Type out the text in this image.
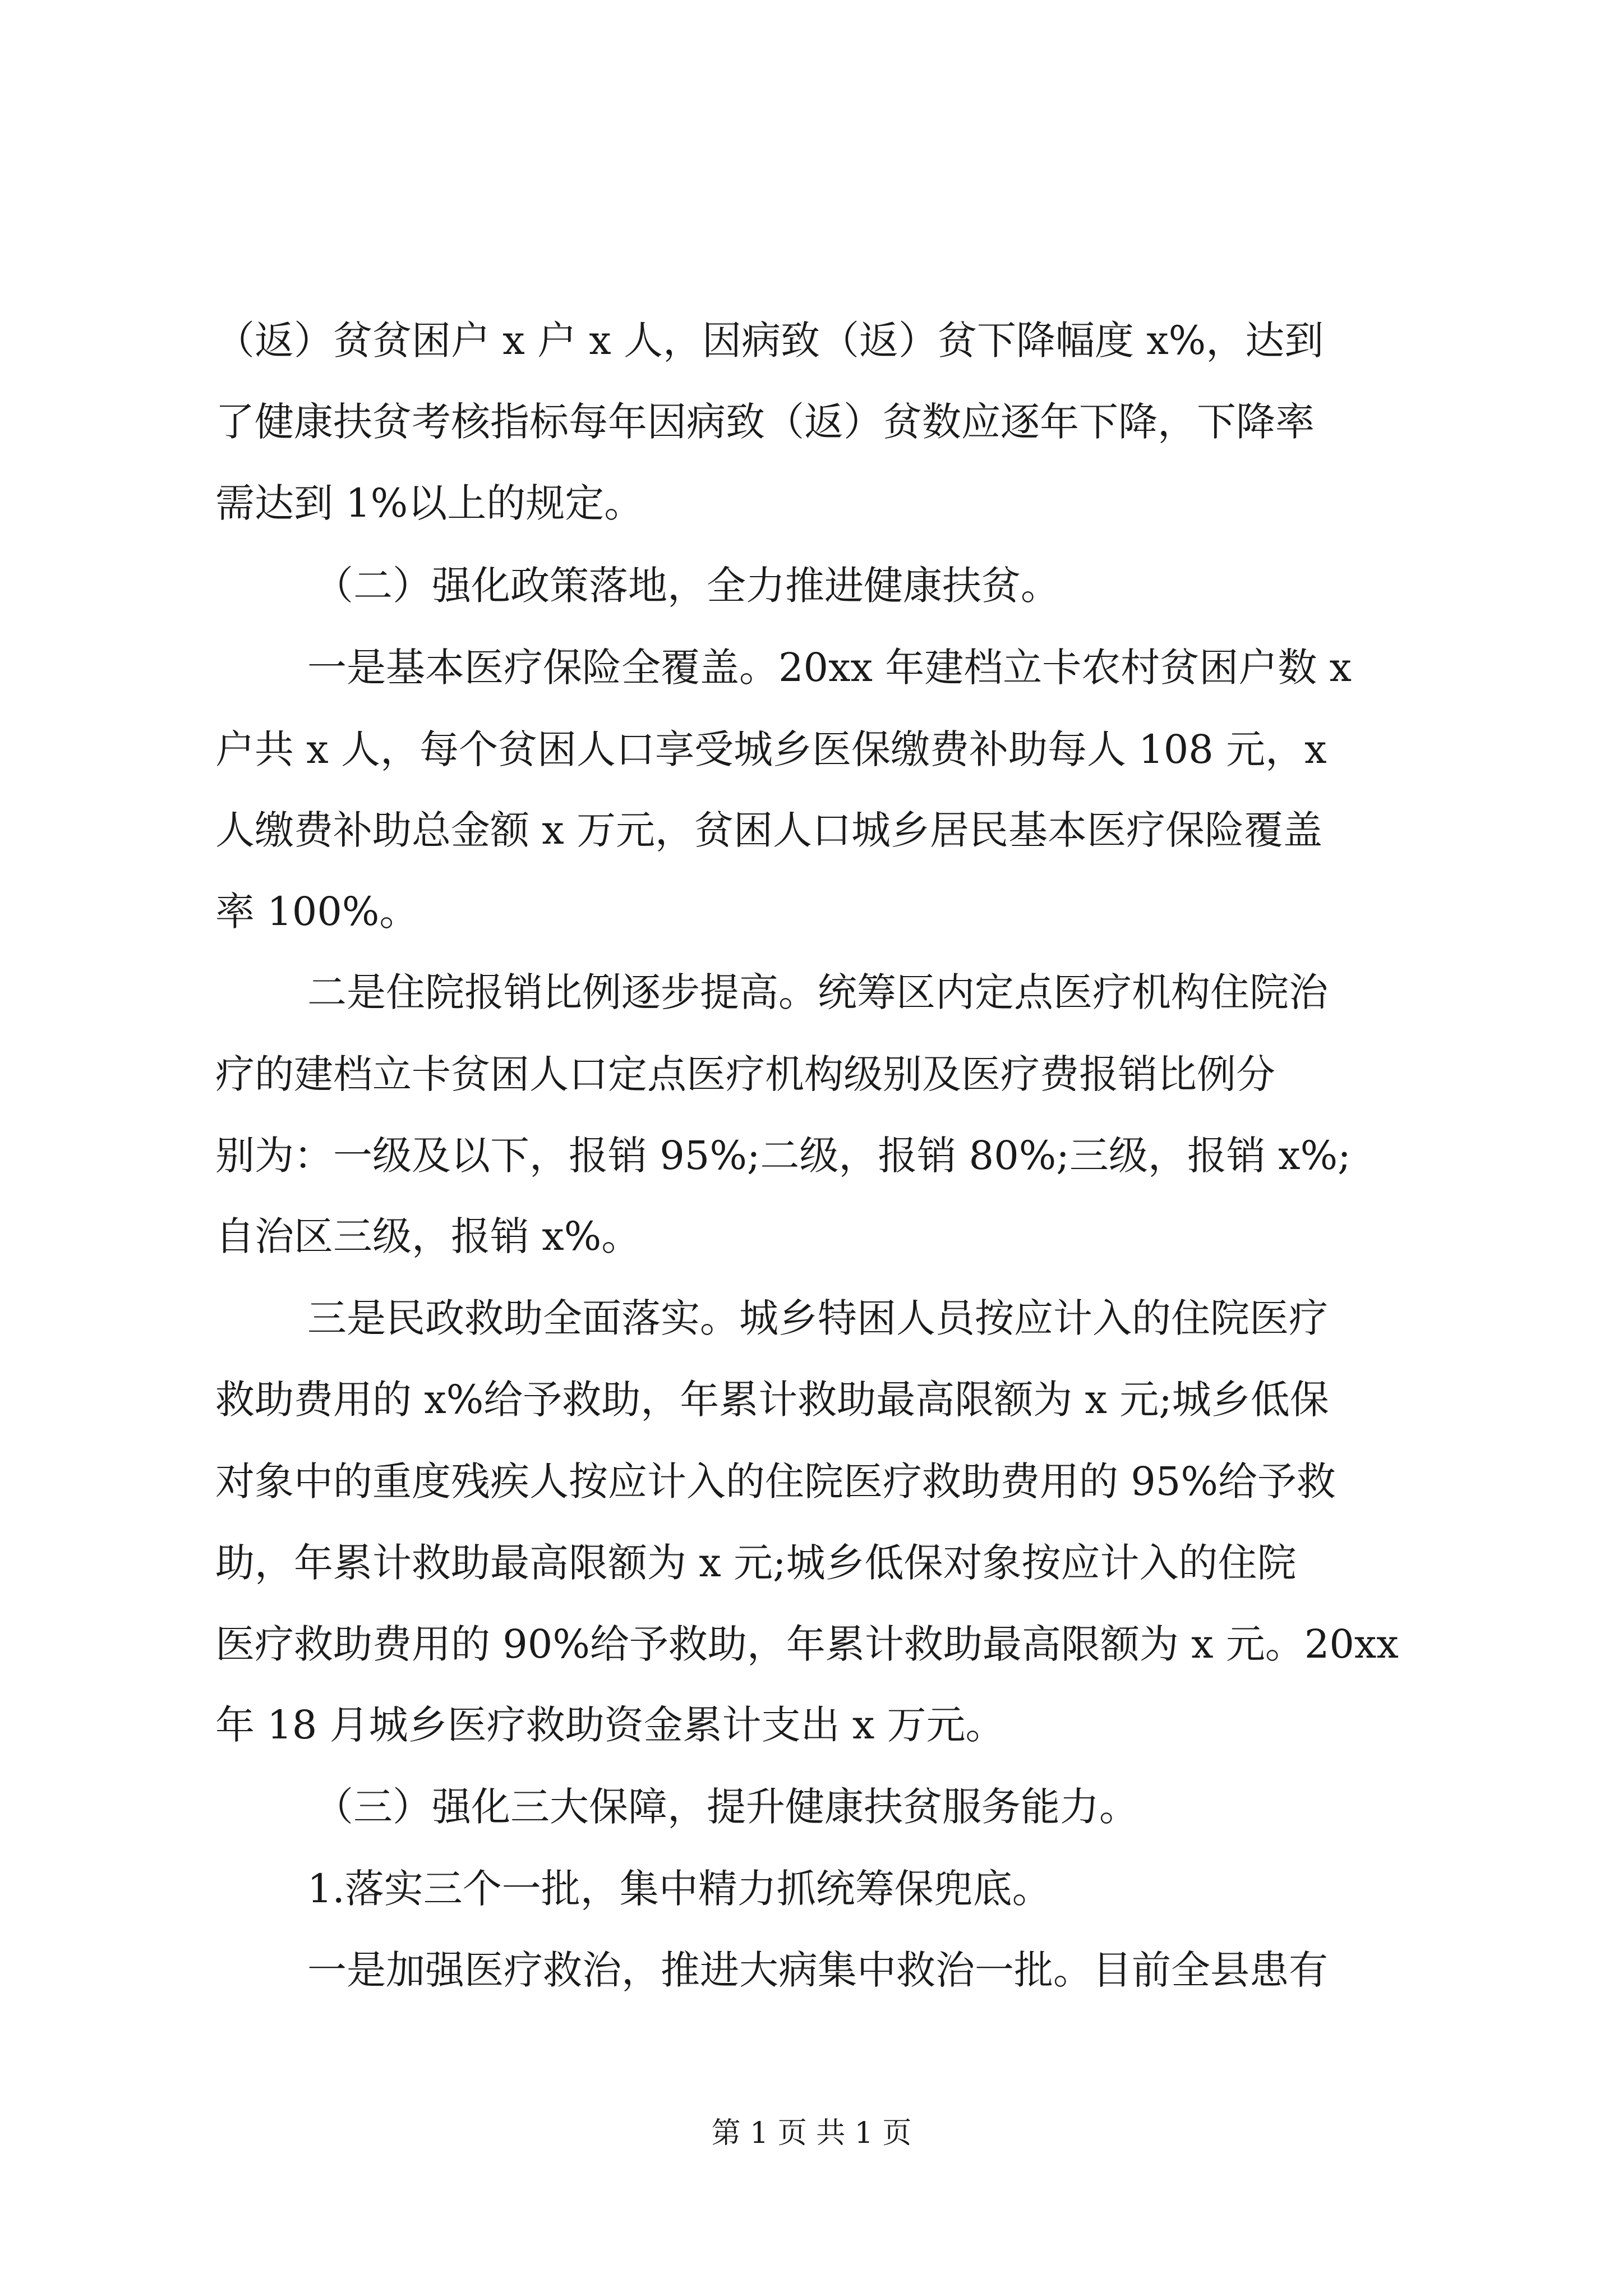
（返）贫贫困户 x 户 x 人，因病致（返）贫下降幅度 x%，达到
了健康扶贫考核指标每年因病致（返）贫数应逐年下降，下降率
需达到 1%以上的规定。
（二）强化政策落地，全力推进健康扶贫。
一是基本医疗保险全覆盖。20xx 年建档立卡农村贫困户数 x
户共 x 人，每个贫困人口享受城乡医保缴费补助每人 108 元，x
人缴费补助总金额 x 万元，贫困人口城乡居民基本医疗保险覆盖
率 100%。
二是住院报销比例逐步提高。统筹区内定点医疗机构住院治
疗的建档立卡贫困人口定点医疗机构级别及医疗费报销比例分
别为：一级及以下，报销 95%;二级，报销 80%;三级，报销 x%;
自治区三级，报销 x%。
三是民政救助全面落实。城乡特困人员按应计入的住院医疗
救助费用的 x%给予救助，年累计救助最高限额为 x 元;城乡低保
对象中的重度残疾人按应计入的住院医疗救助费用的 95%给予救
助，年累计救助最高限额为 x 元;城乡低保对象按应计入的住院
医疗救助费用的 90%给予救助，年累计救助最高限额为 x 元。20xx
年 18 月城乡医疗救助资金累计支出 x 万元。
（三）强化三大保障，提升健康扶贫服务能力。
1.落实三个一批，集中精力抓统筹保兜底。
一是加强医疗救治，推进大病集中救治一批。目前全县患有
第 1 页 共 1 页
